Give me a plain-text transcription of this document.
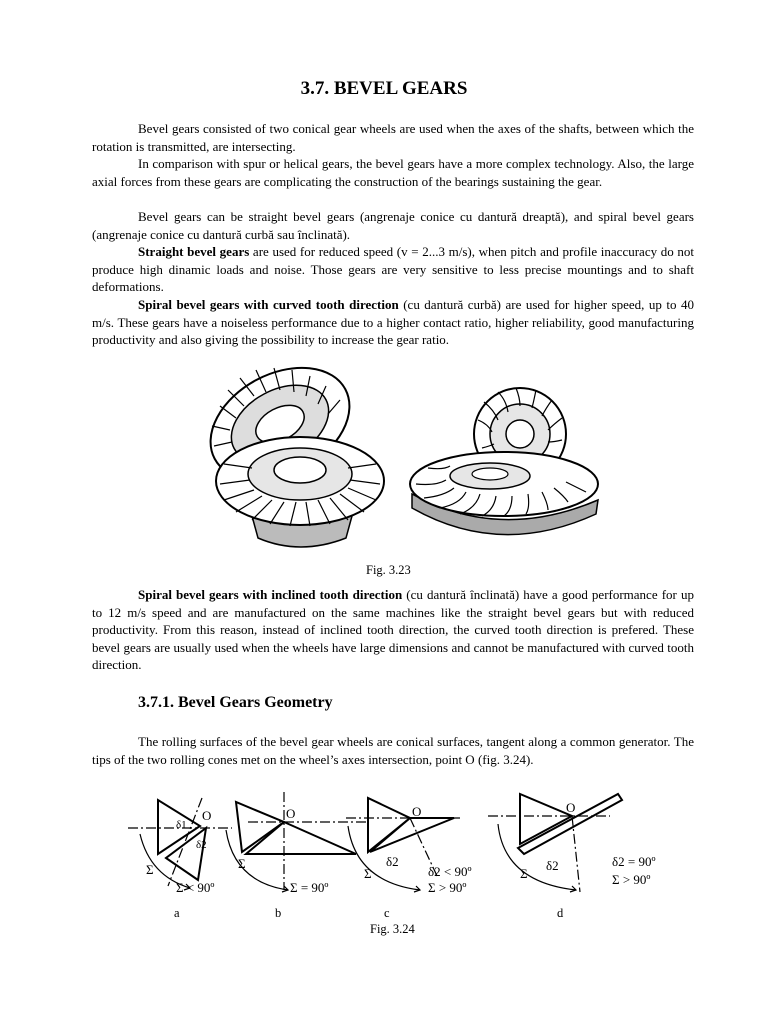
3.7. BEVEL GEARS

Bevel gears consisted of two conical gear wheels are used when the axes of the shafts, between which the rotation is transmitted, are intersecting.

In comparison with spur or helical gears, the bevel gears have a more complex technology. Also, the large axial forces from these gears are complicating the construction of the bearings sustaining the gear.

Bevel gears can be straight bevel gears (angrenaje conice cu dantură dreaptă), and spiral bevel gears (angrenaje conice cu dantură curbă sau înclinată).

Straight bevel gears are used for reduced speed (v = 2...3 m/s), when pitch and profile inaccuracy do not produce high dinamic loads and noise. Those gears are very sensitive to less precise mountings and to shaft deformations.

Spiral bevel gears with curved tooth direction (cu dantură curbă) are used for higher speed, up to 40 m/s. These gears have a noiseless performance due to a higher contact ratio, higher reliability, good manufacturing productivity and also giving the possibility to increase the gear ratio.

Fig. 3.23

Spiral bevel gears with inclined tooth direction (cu dantură înclinată) have a good performance for up to 12 m/s speed and are manufactured on the same machines like the straight bevel gears but with reduced productivity. From this reason, instead of inclined tooth direction, the curved tooth direction is prefered. These bevel gears are usually used when the wheels have large dimensions and cannot be manufactured with curved tooth direction.

3.7.1. Bevel Gears Geometry

The rolling surfaces of the bevel gear wheels are conical surfaces, tangent along a common generator. The tips of the two rolling cones met on the wheel’s axes intersection, point O (fig. 3.24).

O
δ1
δ2
Σ
Σ < 90º
O
Σ
Σ = 90º
O
δ2
Σ	δ2 < 90º
Σ > 90º
O
δ2
Σ
δ2 = 90º
Σ > 90º
a	b	c	d
Fig. 3.24
